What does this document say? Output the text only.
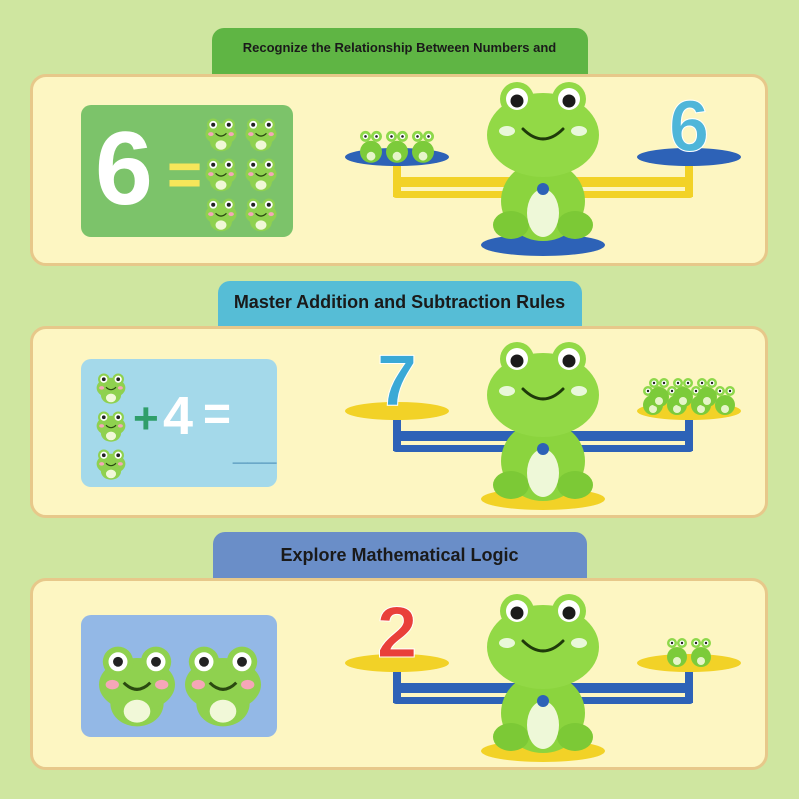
Recognize the Relationship Between Numbers and
6 =
6
Master Addition and Subtraction Rules
+ 4 =
___
7
Explore Mathematical Logic
2
